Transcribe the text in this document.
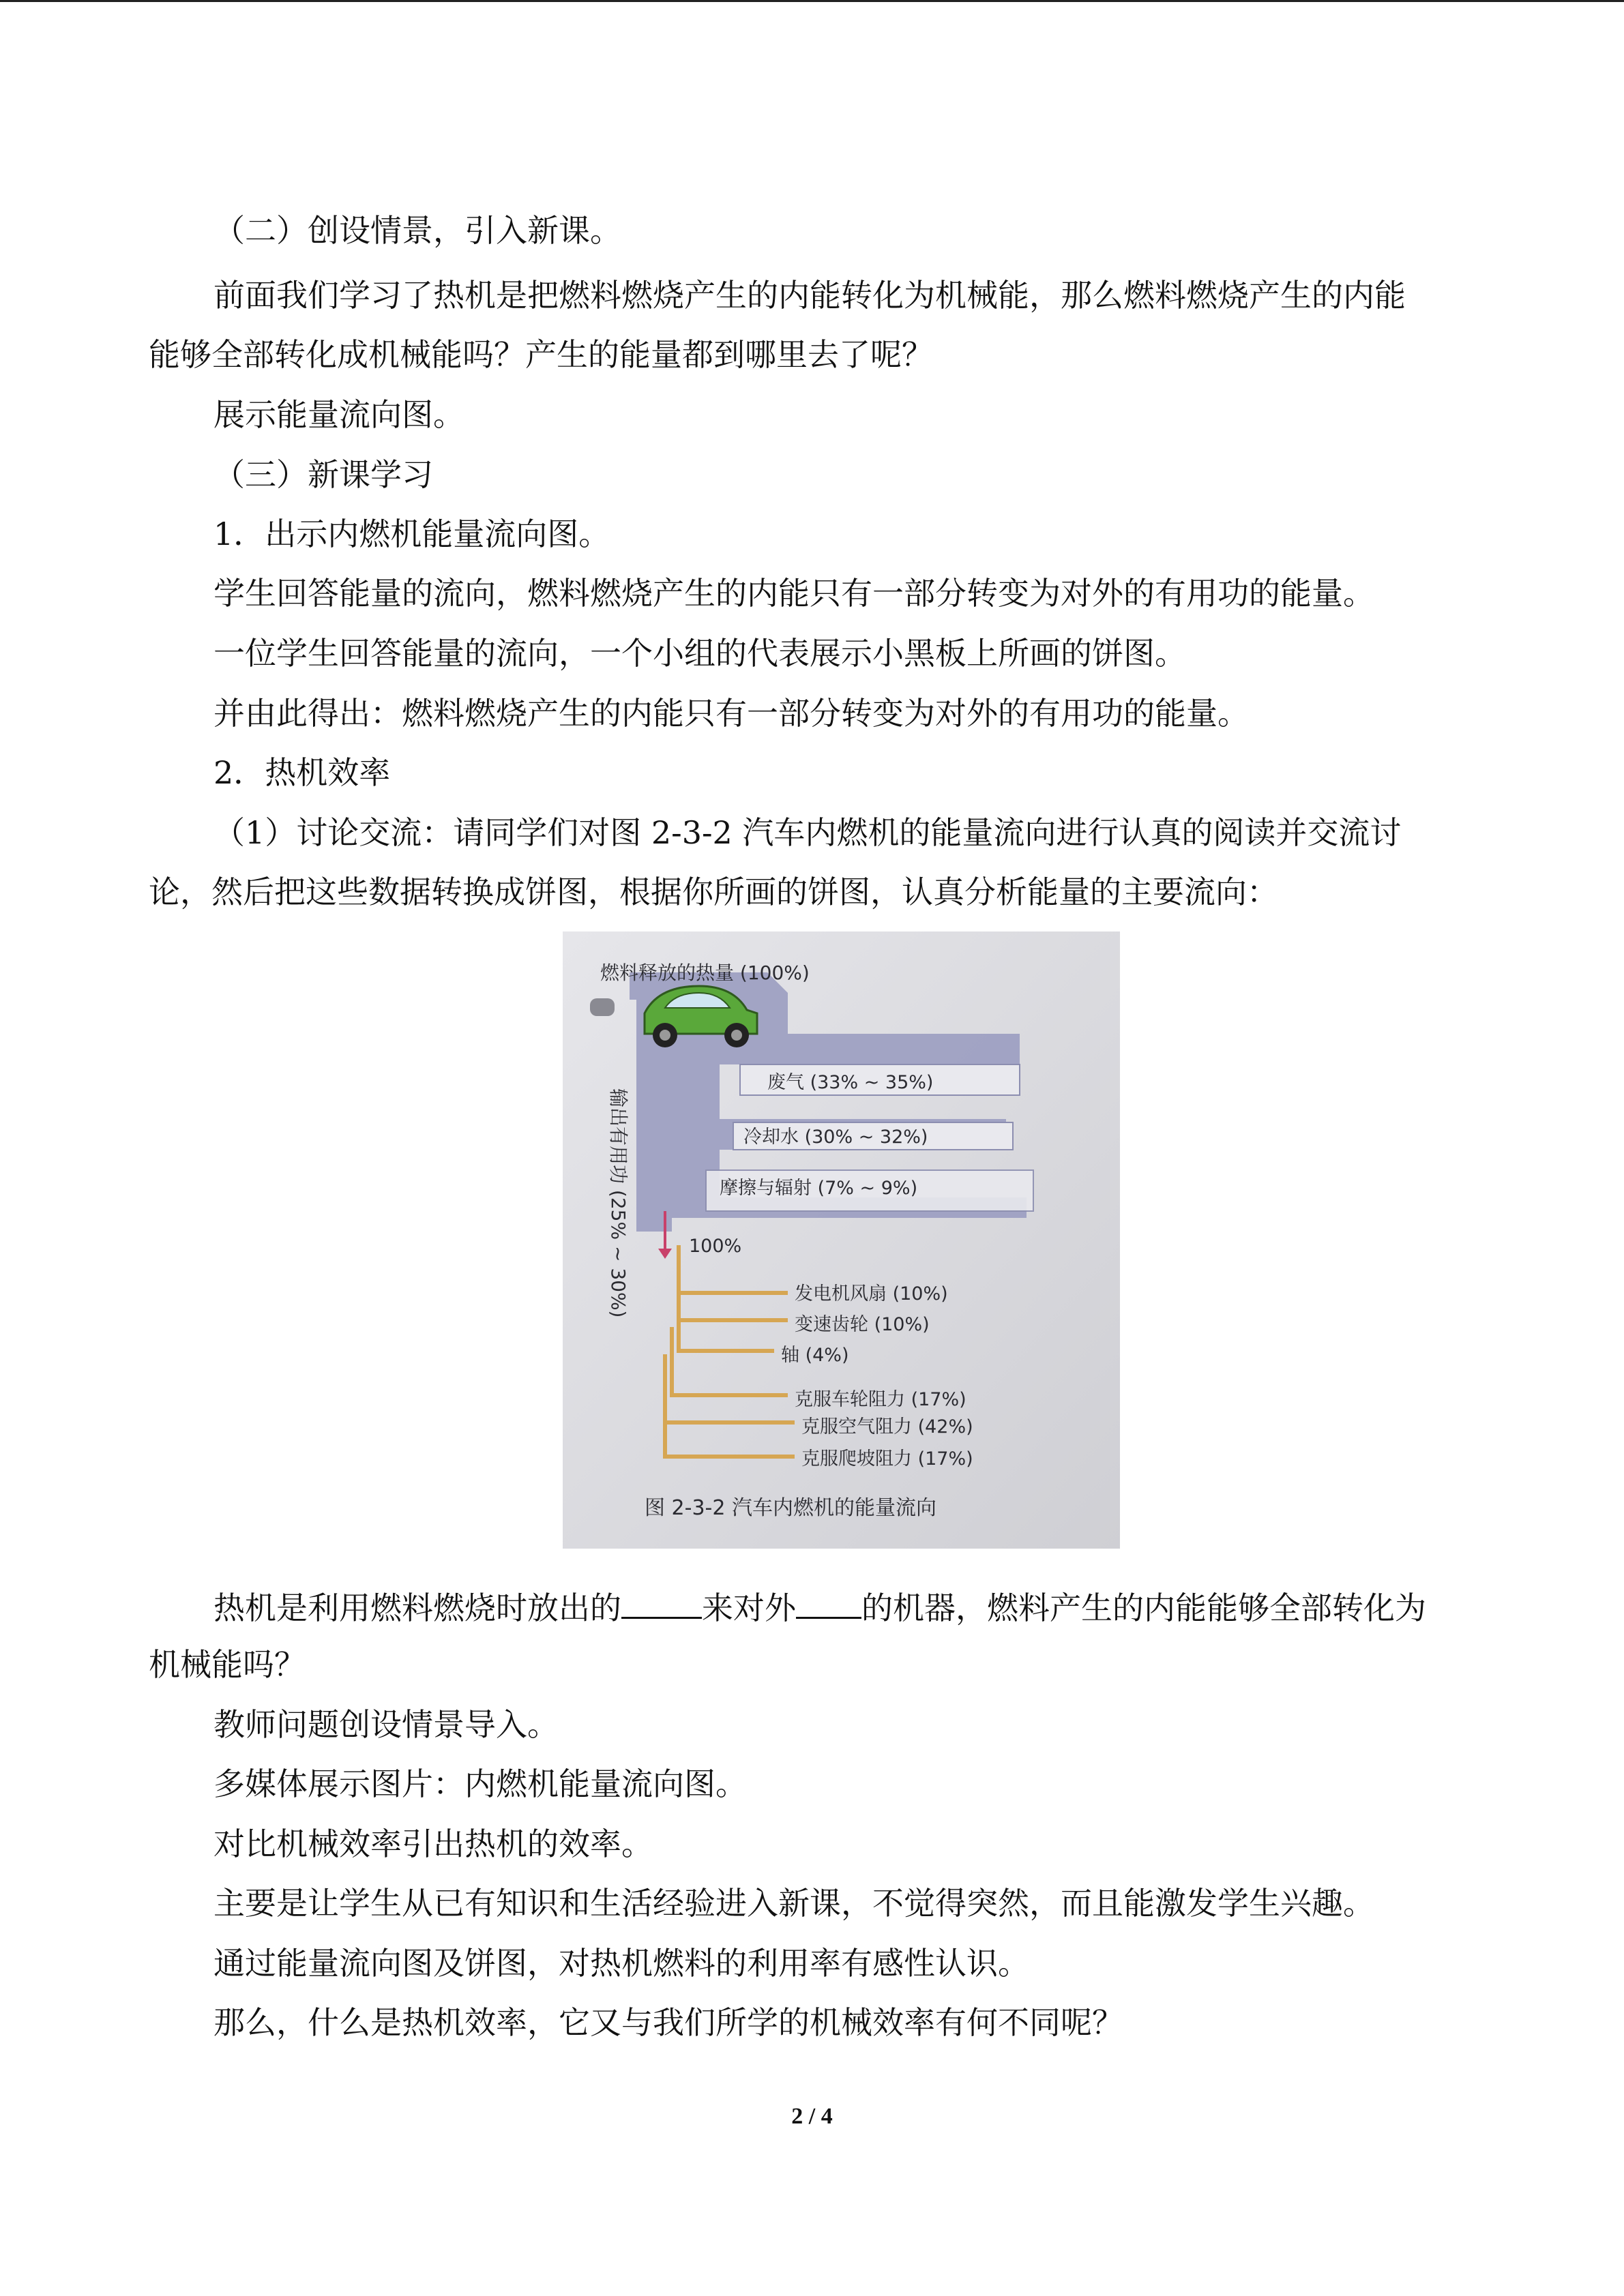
（二）创设情景，引入新课。
前面我们学习了热机是把燃料燃烧产生的内能转化为机械能，那么燃料燃烧产生的内能
能够全部转化成机械能吗？产生的能量都到哪里去了呢？
展示能量流向图。
（三）新课学习
1．出示内燃机能量流向图。
学生回答能量的流向，燃料燃烧产生的内能只有一部分转变为对外的有用功的能量。
一位学生回答能量的流向，一个小组的代表展示小黑板上所画的饼图。
并由此得出：燃料燃烧产生的内能只有一部分转变为对外的有用功的能量。
2．热机效率
（1）讨论交流：请同学们对图 2-3-2 汽车内燃机的能量流向进行认真的阅读并交流讨
论，然后把这些数据转换成饼图，根据你所画的饼图，认真分析能量的主要流向：
燃料释放的热量 (100%)
废气 (33% ~ 35%)
冷却水 (30% ~ 32%)
摩擦与辐射 (7% ~ 9%)
输出有用功 (25% ~ 30%)	100%
发电机风扇 (10%)
变速齿轮 (10%)
轴 (4%)
克服车轮阻力 (17%)
克服空气阻力 (42%)
克服爬坡阻力 (17%)
图 2-3-2 汽车内燃机的能量流向
热机是利用燃料燃烧时放出的	来对外 的机器，燃料产生的内能能够全部转化为
机械能吗？
教师问题创设情景导入。
多媒体展示图片：内燃机能量流向图。
对比机械效率引出热机的效率。
主要是让学生从已有知识和生活经验进入新课，不觉得突然，而且能激发学生兴趣。
通过能量流向图及饼图，对热机燃料的利用率有感性认识。
那么，什么是热机效率，它又与我们所学的机械效率有何不同呢？
2 / 4
